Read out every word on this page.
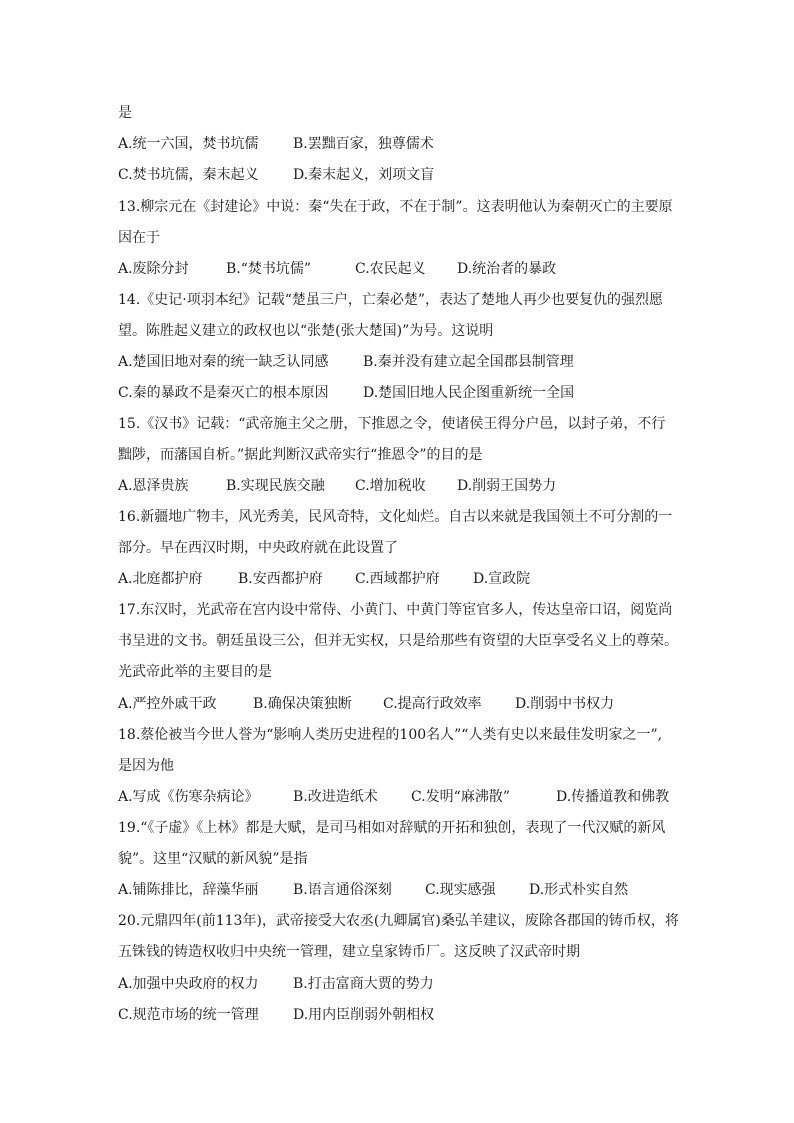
是
A.统一六国，焚书坑儒 B.罢黜百家，独尊儒术
C.焚书坑儒，秦末起义 D.秦末起义，刘项文盲
13.柳宗元在《封建论》中说：秦“失在于政，不在于制”。这表明他认为秦朝灭亡的主要原
因在于
A.废除分封	B.“焚书坑儒”	C.农民起义 D.统治者的暴政
14.《史记·项羽本纪》记载“楚虽三户，亡秦必楚”，表达了楚地人再少也要复仇的强烈愿
望。陈胜起义建立的政权也以“张楚(张大楚国)”为号。这说明
A.楚国旧地对秦的统一缺乏认同感 B.秦并没有建立起全国郡县制管理
C.秦的暴政不是秦灭亡的根本原因 D.楚国旧地人民企图重新统一全国
15.《汉书》记载：“武帝施主父之册，下推恩之令，使诸侯王得分户邑，以封子弟，不行
黜陟，而藩国自析。”据此判断汉武帝实行“推恩令”的目的是
A.恩泽贵族	B.实现民族交融 C.增加税收 D.削弱王国势力
16.新疆地广物丰，风光秀美，民风奇特，文化灿烂。自古以来就是我国领土不可分割的一
部分。早在西汉时期，中央政府就在此设置了
A.北庭都护府	B.安西都护府 C.西域都护府 D.宣政院
17.东汉时，光武帝在宫内设中常侍、小黄门、中黄门等宦官多人，传达皇帝口诏，阅览尚
书呈进的文书。朝廷虽设三公，但并无实权，只是给那些有资望的大臣享受名义上的尊荣。
光武帝此举的主要目的是
A.严控外戚干政	B.确保决策独断 C.提高行政效率 D.削弱中书权力
18.蔡伦被当今世人誉为“影响人类历史进程的100名人”“人类有史以来最佳发明家之一”,
是因为他
A.写成《伤寒杂病论》 B.改进造纸术 C.发明“麻沸散”	D.传播道教和佛教
19.“《子虚》《上林》都是大赋，是司马相如对辞赋的开拓和独创，表现了一代汉赋的新风
貌”。这里“汉赋的新风貌”是指
A.铺陈排比，辞藻华丽 B.语言通俗深刻 C.现实感强 D.形式朴实自然
20.元鼎四年(前113年)，武帝接受大农丞(九卿属官)桑弘羊建议，废除各郡国的铸币权，将
五铢钱的铸造权收归中央统一管理，建立皇家铸币厂。这反映了汉武帝时期
A.加强中央政府的权力 B.打击富商大贾的势力
C.规范市场的统一管理 D.用内臣削弱外朝相权
